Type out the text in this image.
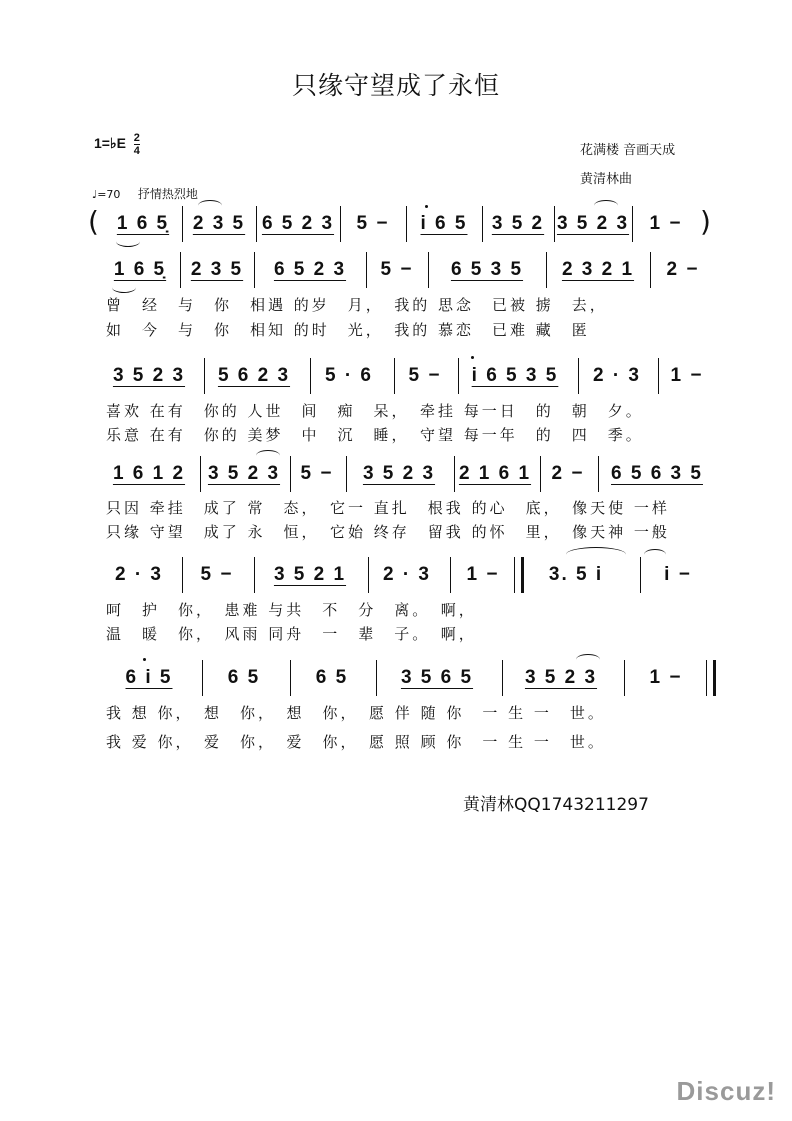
只缘守望成了永恒
1=♭E $\frac{2}{4}$	花满楼 音画天成
黄清林曲
♩=70 抒情热烈地
( 1 6 5̣	2 3 5 6 5 2 3	5 −	i 6 5	3 5 2 3 5 2 3	1 − )
1 6 5̣	2 3 5	6 5 2 3	5 −	6 5 3 5	2 3 2 1	2 −
曾　经　与　你　相遇 的岁　月，　我的 思念　已被 掳　去，
如　今　与　你　相知 的时　光，　我的 慕恋　已难 藏　匿
3 5 2 3	5 6 2 3	5 · 6	5 −	i 6 5 3 5	2 · 3	1 −
喜欢 在有　你的 人世　间　痴　呆，　牵挂 每一日　的　朝　夕。
乐意 在有　你的 美梦　中　沉　睡，　守望 每一年　的　四　季。
1 6 1 2	3 5 2 3	5 −	3 5 2 3	2 1 6 1	2 −	6 5 6 3 5
只因 牵挂　成了 常　态，　它一 直扎　根我 的心　底，　像天使 一样
只缘 守望　成了 永　恒，　它始 终存　留我 的怀　里，　像天神 一般
2 · 3	5 −	3 5 2 1	2 · 3	1 −	3. 5 i	i −
呵　护　你，　患难 与共　不　分　离。　啊，
温　暖　你，　风雨 同舟　一　辈　子。　啊，
6 i 5	6 5	6 5	3 5 6 5	3 5 2 3	1 −
我 想 你，　想　你，　想　你，　愿 伴 随 你　一 生 一　世。
我 爱 你，　爱　你，　爱　你，　愿 照 顾 你　一 生 一　世。
黄清林QQ1743211297
Discuz!
